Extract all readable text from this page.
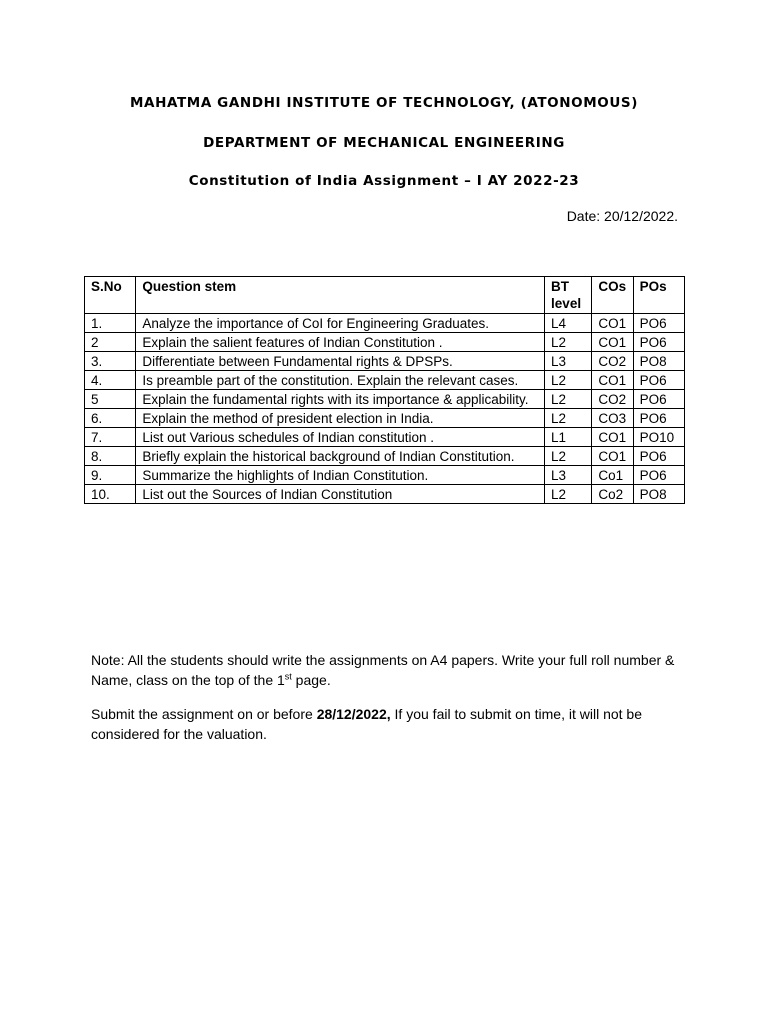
MAHATMA GANDHI INSTITUTE OF TECHNOLOGY, (ATONOMOUS)
DEPARTMENT OF MECHANICAL ENGINEERING
Constitution of India Assignment – I AY 2022-23
Date: 20/12/2022.
S.No	Question stem	BT level	COs	POs
1.	Analyze the importance of CoI for Engineering Graduates.	L4	CO1	PO6
2	Explain the salient features of Indian Constitution .	L2	CO1	PO6
3.	Differentiate between Fundamental rights & DPSPs.	L3	CO2	PO8
4.	Is preamble part of the constitution. Explain the relevant cases.	L2	CO1	PO6
5	Explain the fundamental rights with its importance & applicability.	L2	CO2	PO6
6.	Explain the method of president election in India.	L2	CO3	PO6
7.	List out Various schedules of Indian constitution .	L1	CO1	PO10
8.	Briefly explain the historical background of Indian Constitution.	L2	CO1	PO6
9.	Summarize the highlights of Indian Constitution.	L3	Co1	PO6
10.	List out the Sources of Indian Constitution	L2	Co2	PO8
Note: All the students should write the assignments on A4 papers. Write your full roll number & Name, class on the top of the 1st page.
Submit the assignment on or before 28/12/2022, If you fail to submit on time, it will not be considered for the valuation.
